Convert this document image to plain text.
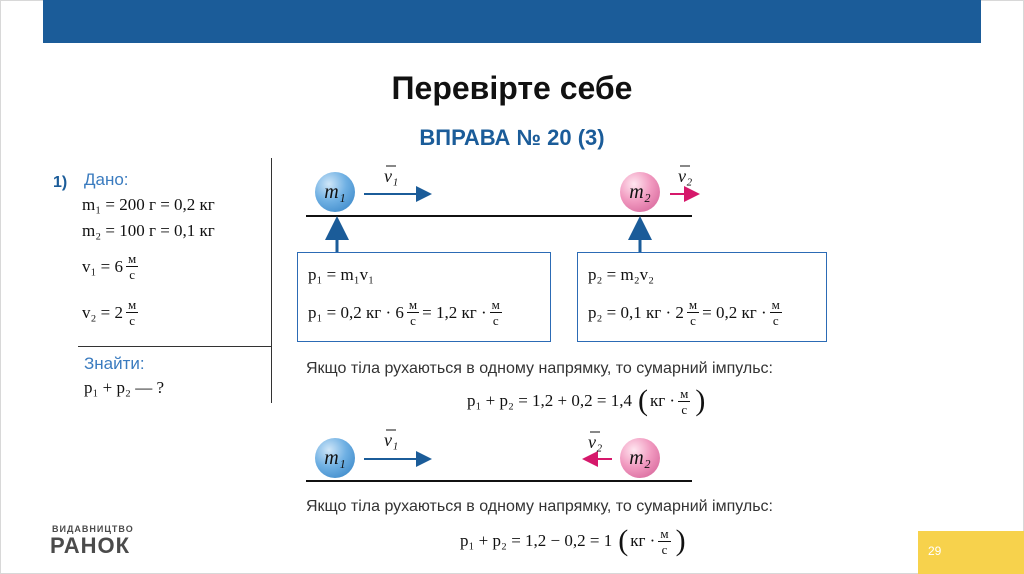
Перевірте себе
ВПРАВА № 20 (3)
1) Дано:
m₁ = 200 г = 0,2 кг
m₂ = 100 г = 0,1 кг
$v_1 = 6 \frac{м}{с}$
$v_2 = 2 \frac{м}{с}$
Знайти:
p₁ + p₂ — ?
m₁	m₂
v₁	v₂
p₁ = m₁v₁
p₁ = 0,2 кг · $6 \frac{м}{с} = 1,2$ кг · $\frac{м}{с}$
p₂ = m₂v₂
p₂ = 0,1 кг · $2 \frac{м}{с} = 0,2$ кг · $\frac{м}{с}$
Якщо тіла рухаються в одному напрямку, то сумарний імпульс:
p₁ + p₂ = 1,2 + 0,2 = 1,4 ( кг · $\frac{м}{с}$ )
m₁	m₂
v₁	v₂
Якщо тіла рухаються в одному напрямку, то сумарний імпульс:
p₁ + p₂ = 1,2 − 0,2 = 1 ( кг · $\frac{м}{с}$ )
ВИДАВНИЦТВО
РАНОК	29
